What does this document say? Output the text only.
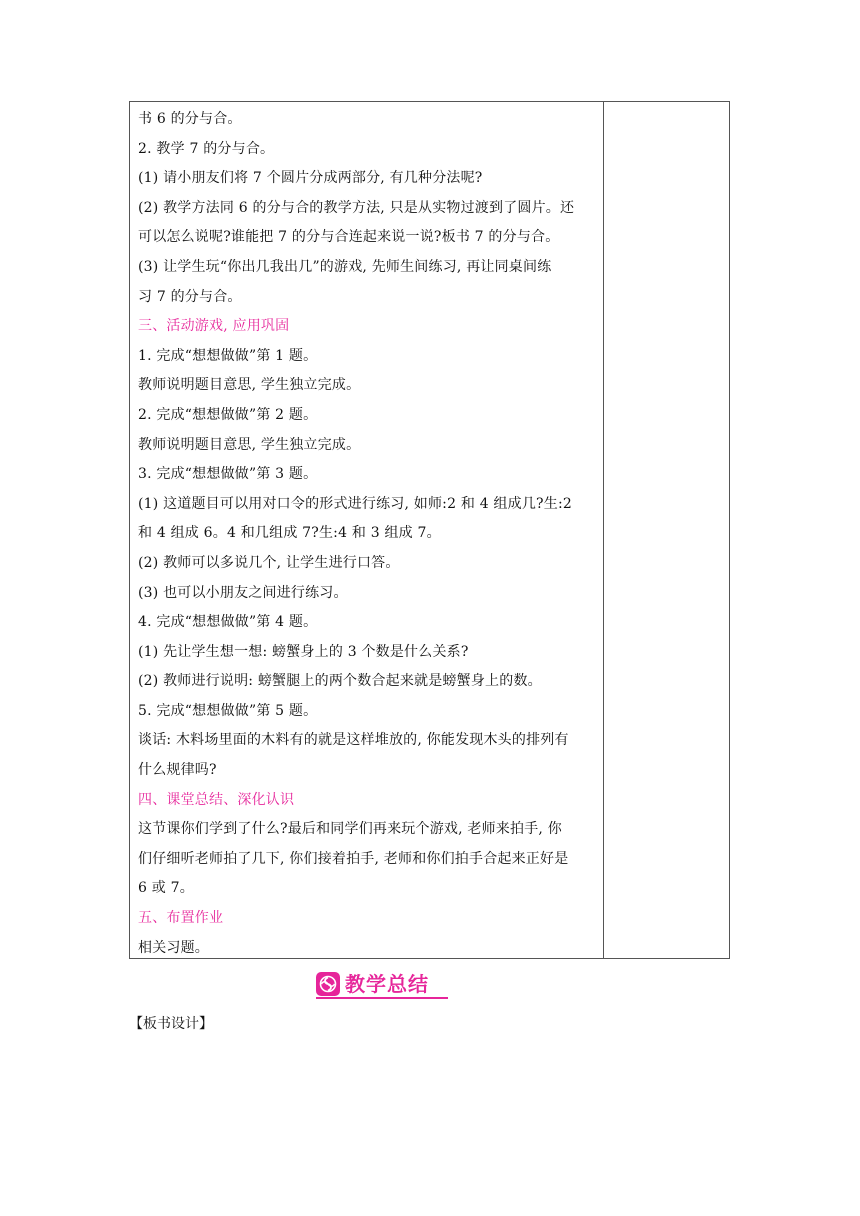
书 6 的分与合。
2. 教学 7 的分与合。
(1) 请小朋友们将 7 个圆片分成两部分, 有几种分法呢?
(2) 教学方法同 6 的分与合的教学方法, 只是从实物过渡到了圆片。还
可以怎么说呢?谁能把 7 的分与合连起来说一说?板书 7 的分与合。
(3) 让学生玩“你出几我出几”的游戏, 先师生间练习, 再让同桌间练
习 7 的分与合。
三、活动游戏, 应用巩固
1. 完成“想想做做”第 1 题。
教师说明题目意思, 学生独立完成。
2. 完成“想想做做”第 2 题。
教师说明题目意思, 学生独立完成。
3. 完成“想想做做”第 3 题。
(1) 这道题目可以用对口令的形式进行练习, 如师:2 和 4 组成几?生:2
和 4 组成 6。4 和几组成 7?生:4 和 3 组成 7。
(2) 教师可以多说几个, 让学生进行口答。
(3) 也可以小朋友之间进行练习。
4. 完成“想想做做”第 4 题。
(1) 先让学生想一想: 螃蟹身上的 3 个数是什么关系?
(2) 教师进行说明: 螃蟹腿上的两个数合起来就是螃蟹身上的数。
5. 完成“想想做做”第 5 题。
谈话: 木料场里面的木料有的就是这样堆放的, 你能发现木头的排列有
什么规律吗?
四、课堂总结、深化认识
这节课你们学到了什么?最后和同学们再来玩个游戏, 老师来拍手, 你
们仔细听老师拍了几下, 你们接着拍手, 老师和你们拍手合起来正好是
6 或 7。
五、布置作业
相关习题。
教学总结
【板书设计】
